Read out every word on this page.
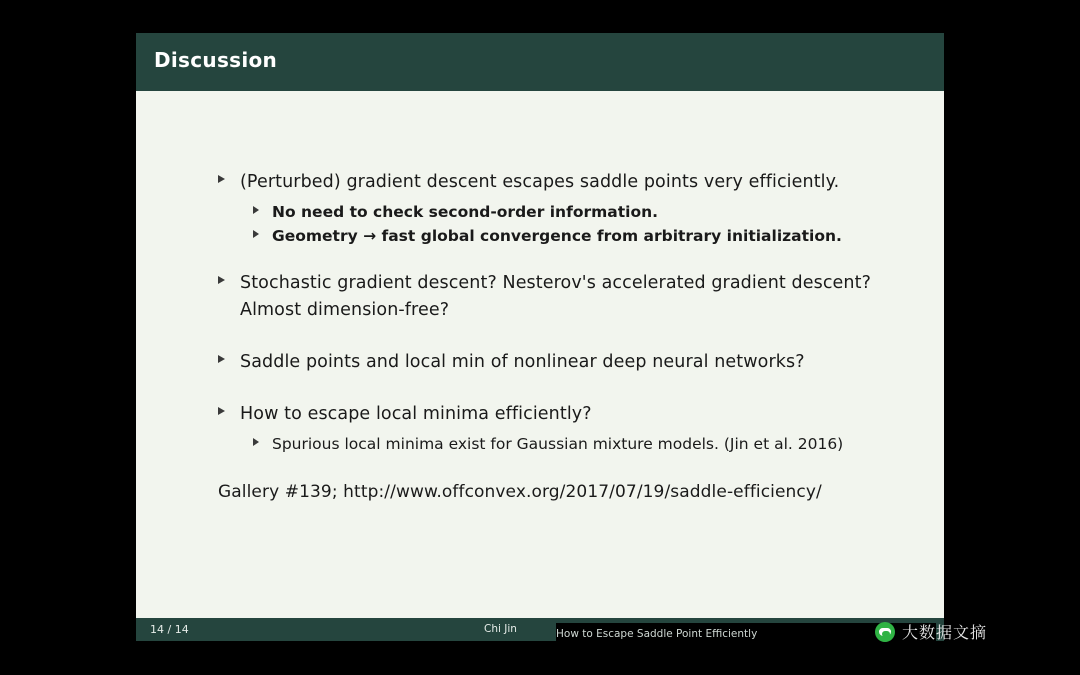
Discussion
(Perturbed) gradient descent escapes saddle points very efficiently.
No need to check second-order information.
Geometry → fast global convergence from arbitrary initialization.
Stochastic gradient descent? Nesterov's accelerated gradient descent? Almost dimension-free?
Saddle points and local min of nonlinear deep neural networks?
How to escape local minima efficiently?
Spurious local minima exist for Gaussian mixture models. (Jin et al. 2016)
Gallery #139; http://www.offconvex.org/2017/07/19/saddle-efficiency/
14 / 14	Chi Jin	How to Escape Saddle Point Efficiently	大数据文摘
